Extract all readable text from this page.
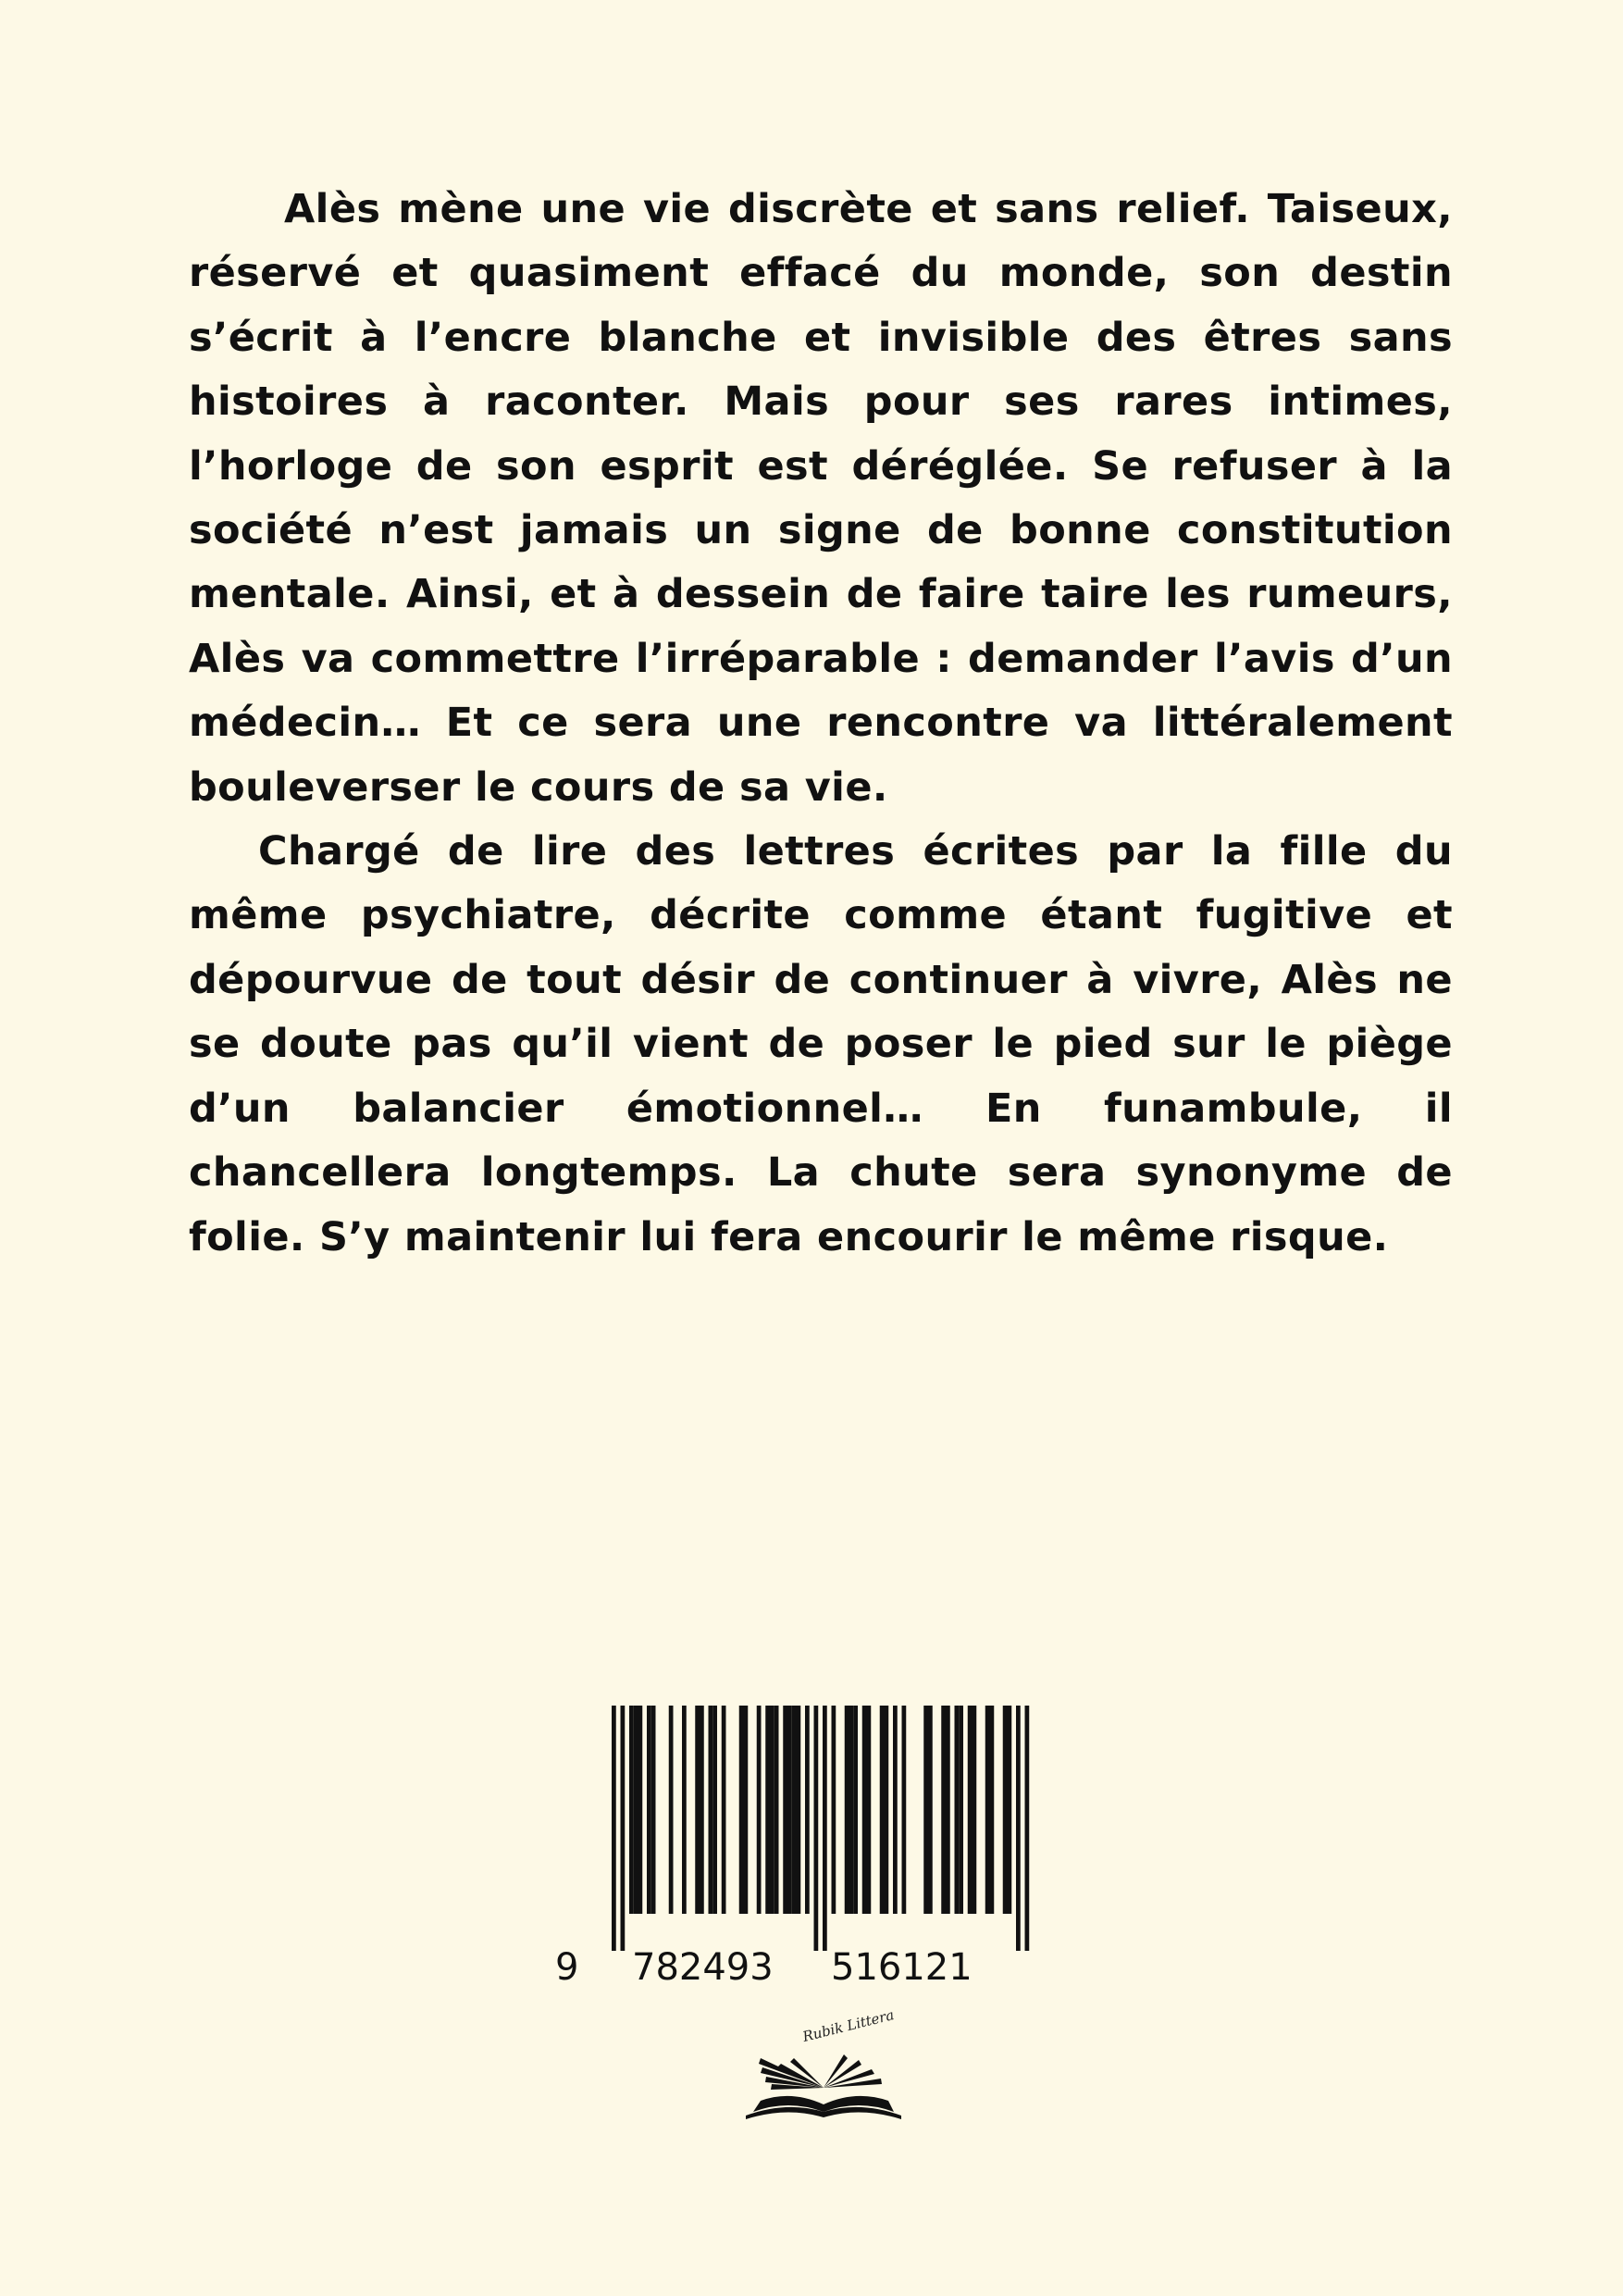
Alès mène une vie discrète et sans relief. Taiseux, réservé et quasiment effacé du monde, son destin s’écrit à l’encre blanche et invisible des êtres sans histoires à raconter. Mais pour ses rares intimes, l’horloge de son esprit est déréglée. Se refuser à la société n’est jamais un signe de bonne constitution mentale. Ainsi, et à dessein de faire taire les rumeurs, Alès va commettre l’irréparable : demander l’avis d’un médecin… Et ce sera une rencontre va littéralement bouleverser le cours de sa vie.

Chargé de lire des lettres écrites par la fille du même psychiatre, décrite comme étant fugitive et dépourvue de tout désir de continuer à vivre, Alès ne se doute pas qu’il vient de poser le pied sur le piège d’un balancier émotionnel… En funambule, il chancellera longtemps. La chute sera synonyme de folie. S’y maintenir lui fera encourir le même risque.

9 782493 516121
Rubik Littera
